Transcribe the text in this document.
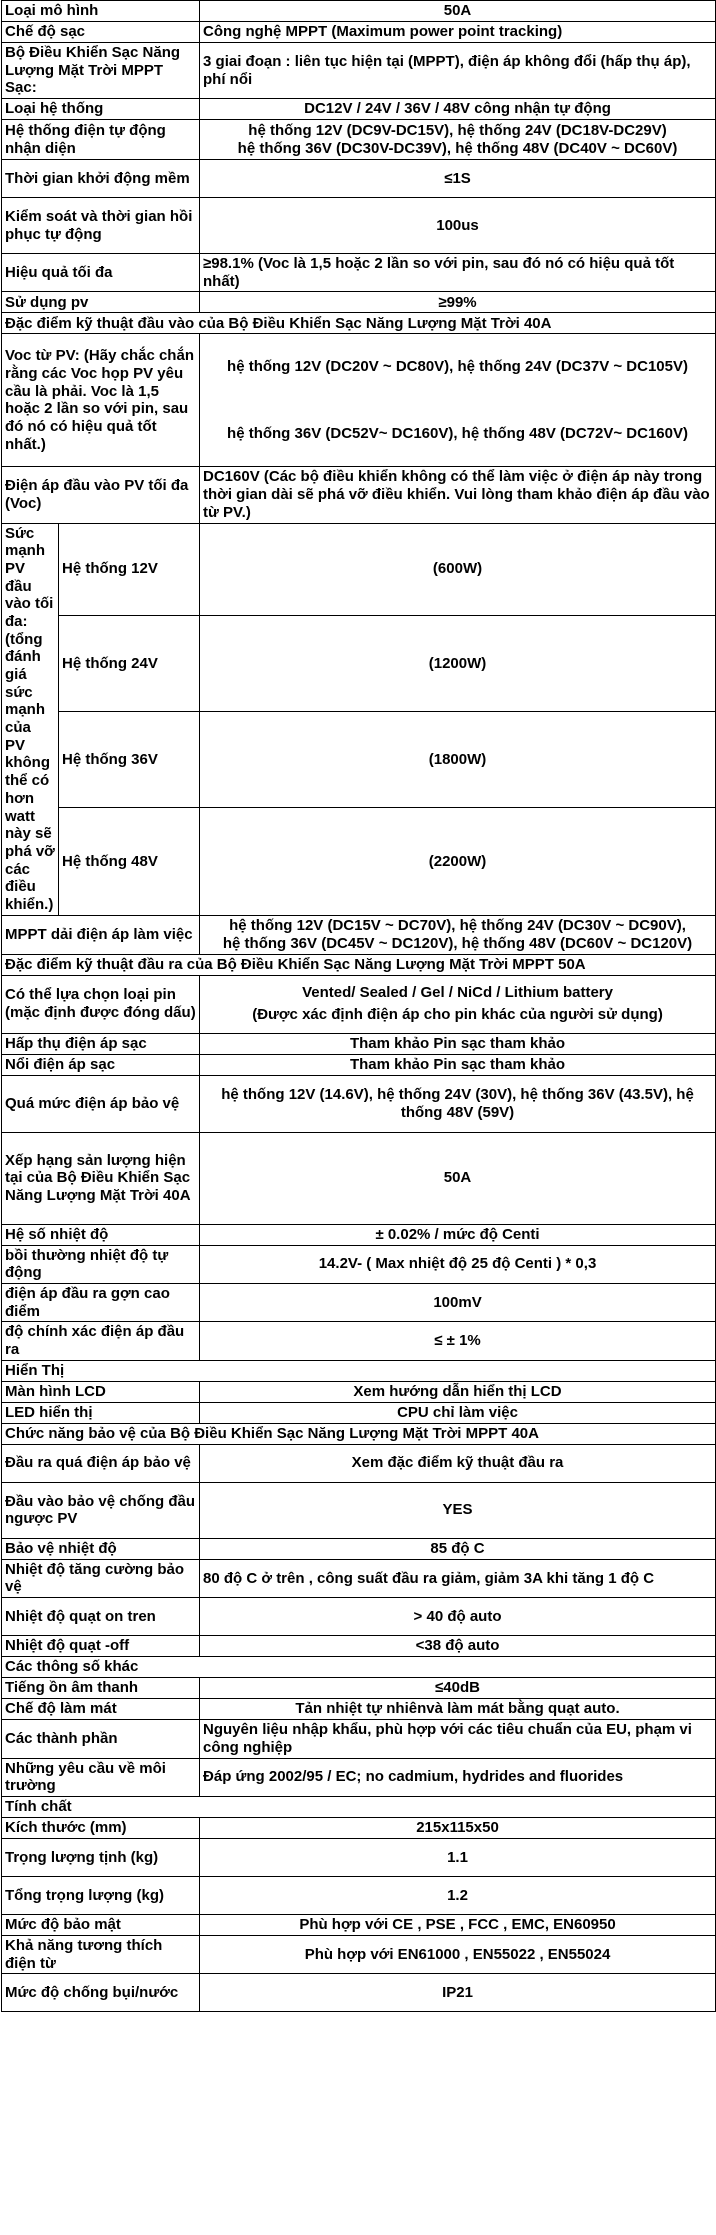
Loại mô hình		50A
Chế độ sạc		Công nghệ MPPT (Maximum power point tracking)
Bộ Điều Khiển Sạc Năng Lượng Mặt Trời MPPT Sạc:		3 giai đoạn : liên tục hiện tại (MPPT), điện áp không đổi (hấp thụ áp), phí nổi
Loại hệ thống		DC12V / 24V / 36V / 48V công nhận tự động
Hệ thống điện tự động nhận diện		hệ thống 12V (DC9V-DC15V), hệ thống 24V (DC18V-DC29V)
hệ thống 36V (DC30V-DC39V), hệ thống 48V (DC40V ~ DC60V)

Thời gian khởi động mềm		≤1S
Kiểm soát và thời gian hồi phục tự động		100us
Hiệu quả tối đa		≥98.1% (Voc là 1,5 hoặc 2 lần so với pin, sau đó nó có hiệu quả tốt nhất)
Sử dụng pv		≥99%
Đặc điểm kỹ thuật đầu vào của Bộ Điều Khiển Sạc Năng Lượng Mặt Trời 40A		
Voc từ PV: (Hãy chắc chắn rằng các Voc họp PV yêu cầu là phải. Voc là 1,5 hoặc 2 lần so với pin, sau đó nó có hiệu quả tốt nhất.)		hệ thống 12V (DC20V ~ DC80V), hệ thống 24V (DC37V ~ DC105V)
hệ thống 36V (DC52V~ DC160V), hệ thống 48V (DC72V~ DC160V)

Điện áp đầu vào PV tối đa (Voc)		DC160V (Các bộ điều khiển không có thể làm việc ở điện áp này trong thời gian dài sẽ phá vỡ điều khiển. Vui lòng tham khảo điện áp đầu vào từ PV.)
Sức mạnh PV đầu vào tối đa: (tổng đánh giá sức mạnh của PV không thể có hơn watt này sẽ phá vỡ các điều khiển.)	Hệ thống 12V	(600W)
	Hệ thống 24V	(1200W)
	Hệ thống 36V	(1800W)
	Hệ thống 48V	(2200W)
MPPT dải điện áp làm việc		hệ thống 12V (DC15V ~ DC70V), hệ thống 24V (DC30V ~ DC90V),
hệ thống 36V (DC45V ~ DC120V), hệ thống 48V (DC60V ~ DC120V)

Đặc điểm kỹ thuật đầu ra của Bộ Điều Khiển Sạc Năng Lượng Mặt Trời MPPT 50A		
Có thể lựa chọn loại pin (mặc định được đóng dấu)		Vented/ Sealed / Gel / NiCd / Lithium battery
(Được xác định điện áp cho pin khác của người sử dụng)

Hấp thụ điện áp sạc		Tham khảo Pin sạc tham khảo
Nổi điện áp sạc		Tham khảo Pin sạc tham khảo
Quá mức điện áp bảo vệ		hệ thống 12V (14.6V), hệ thống 24V (30V), hệ thống 36V (43.5V), hệ thống 48V (59V)
Xếp hạng sản lượng hiện tại của Bộ Điều Khiển Sạc Năng Lượng Mặt Trời 40A		50A
Hệ số nhiệt độ		± 0.02% / mức độ Centi
bồi thường nhiệt độ tự động		14.2V- ( Max nhiệt độ 25 độ Centi ) * 0,3
điện áp đầu ra gợn cao điểm		100mV
độ chính xác điện áp đầu ra		≤ ± 1%
Hiển Thị		
Màn hình LCD		Xem hướng dẫn hiển thị LCD
LED hiển thị		CPU chỉ làm việc
Chức năng bảo vệ của Bộ Điều Khiển Sạc Năng Lượng Mặt Trời MPPT 40A		
Đầu ra quá điện áp bảo vệ		Xem đặc điểm kỹ thuật đầu ra
Đầu vào bảo vệ chống đầu ngược PV		YES
Bảo vệ nhiệt độ		85 độ C
Nhiệt độ tăng cường bảo vệ		80 độ C ở trên , công suất đầu ra giảm, giảm 3A khi tăng 1 độ C
Nhiệt độ quạt on tren		> 40 độ auto
Nhiệt độ quạt -off		<38 độ auto
Các thông số khác		
Tiếng ồn âm thanh		≤40dB
Chế độ làm mát		Tản nhiệt tự nhiênvà làm mát bằng quạt auto.
Các thành phần		Nguyên liệu nhập khẩu, phù hợp với các tiêu chuẩn của EU, phạm vi công nghiệp
Những yêu cầu về môi trường		Đáp ứng 2002/95 / EC; no cadmium, hydrides and fluorides
Tính chất		
Kích thước (mm)		215x115x50
Trọng lượng tịnh (kg)		1.1
Tổng trọng lượng (kg)		1.2
Mức độ bảo mật		Phù hợp với CE , PSE , FCC , EMC, EN60950
Khả năng tương thích điện từ		Phù hợp với EN61000 , EN55022 , EN55024
Mức độ chống bụi/nước		IP21
